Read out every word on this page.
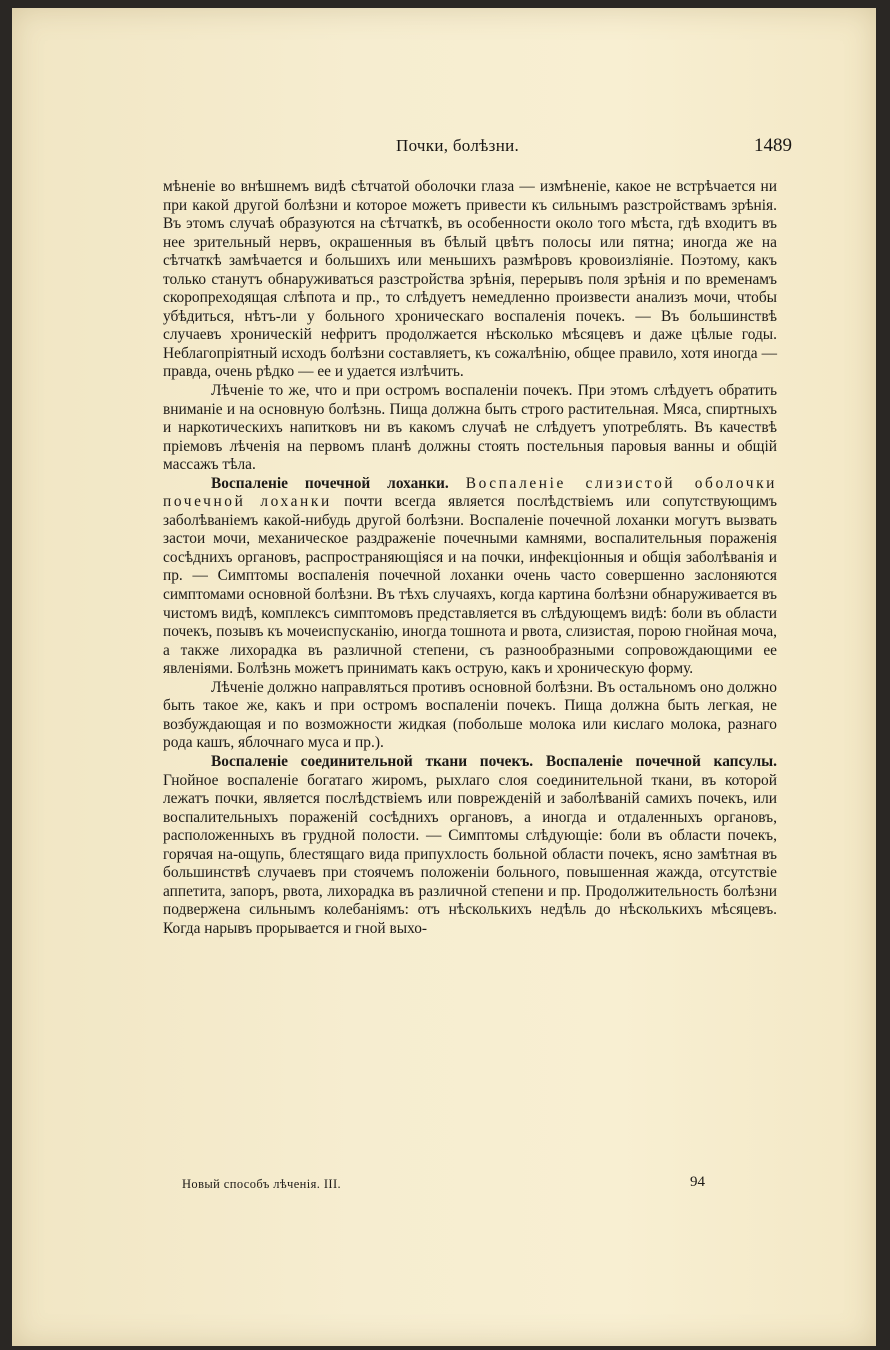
Почки, болѣзни.	1489

мѣненіе во внѣшнемъ видѣ сѣтчатой оболочки глаза — измѣненіе, какое не встрѣчается ни при какой другой болѣзни и которое можетъ привести къ сильнымъ разстройствамъ зрѣнія. Въ этомъ случаѣ образуются на сѣтчаткѣ, въ особенности около того мѣста, гдѣ входитъ въ нее зрительный нервъ, окрашенныя въ бѣлый цвѣтъ полосы или пятна; иногда же на сѣтчаткѣ замѣчается и большихъ или меньшихъ размѣровъ кровоизліяніе. Поэтому, какъ только станутъ обнаруживаться разстройства зрѣнія, перерывъ поля зрѣнія и по временамъ скоропреходящая слѣпота и пр., то слѣдуетъ немедленно произвести анализъ мочи, чтобы убѣдиться, нѣтъ-ли у больного хроническаго воспаленія почекъ. — Въ большинствѣ случаевъ хроническій нефритъ продолжается нѣсколько мѣсяцевъ и даже цѣлые годы. Неблагопріятный исходъ болѣзни составляетъ, къ сожалѣнію, общее правило, хотя иногда — правда, очень рѣдко — ее и удается излѣчить.

Лѣченіе то же, что и при остромъ воспаленіи почекъ. При этомъ слѣдуетъ обратить вниманіе и на основную болѣзнь. Пища должна быть строго растительная. Мяса, спиртныхъ и наркотическихъ напитковъ ни въ какомъ случаѣ не слѣдуетъ употреблять. Въ качествѣ пріемовъ лѣченія на первомъ планѣ должны стоять постельныя паровыя ванны и общій массажъ тѣла.

Воспаленіе почечной лоханки. Воспаленіе слизистой оболочки почечной лоханки почти всегда является послѣдствіемъ или сопутствующимъ заболѣваніемъ какой-нибудь другой болѣзни. Воспаленіе почечной лоханки могутъ вызвать застои мочи, механическое раздраженіе почечными камнями, воспалительныя пораженія сосѣднихъ органовъ, распространяющіяся и на почки, инфекціонныя и общія заболѣванія и пр. — Симптомы воспаленія почечной лоханки очень часто совершенно заслоняются симптомами основной болѣзни. Въ тѣхъ случаяхъ, когда картина болѣзни обнаруживается въ чистомъ видѣ, комплексъ симптомовъ представляется въ слѣдующемъ видѣ: боли въ области почекъ, позывъ къ мочеиспусканію, иногда тошнота и рвота, слизистая, порою гнойная моча, а также лихорадка въ различной степени, съ разнообразными сопровождающими ее явленіями. Болѣзнь можетъ принимать какъ острую, какъ и хроническую форму.

Лѣченіе должно направляться противъ основной болѣзни. Въ остальномъ оно должно быть такое же, какъ и при остромъ воспаленіи почекъ. Пища должна быть легкая, не возбуждающая и по возможности жидкая (побольше молока или кислаго молока, разнаго рода кашъ, яблочнаго муса и пр.).

Воспаленіе соединительной ткани почекъ. Воспаленіе почечной капсулы. Гнойное воспаленіе богатаго жиромъ, рыхлаго слоя соединительной ткани, въ которой лежатъ почки, является послѣдствіемъ или поврежденій и заболѣваній самихъ почекъ, или воспалительныхъ пораженій сосѣднихъ органовъ, а иногда и отдаленныхъ органовъ, расположенныхъ въ грудной полости. — Симптомы слѣдующіе: боли въ области почекъ, горячая на-ощупь, блестящаго вида припухлость больной области почекъ, ясно замѣтная въ большинствѣ случаевъ при стоячемъ положеніи больного, повышенная жажда, отсутствіе аппетита, запоръ, рвота, лихорадка въ различной степени и пр. Продолжительность болѣзни подвержена сильнымъ колебаніямъ: отъ нѣсколькихъ недѣль до нѣсколькихъ мѣсяцевъ. Когда нарывъ прорывается и гной выхо-

Новый способъ лѣченія. III.	94
